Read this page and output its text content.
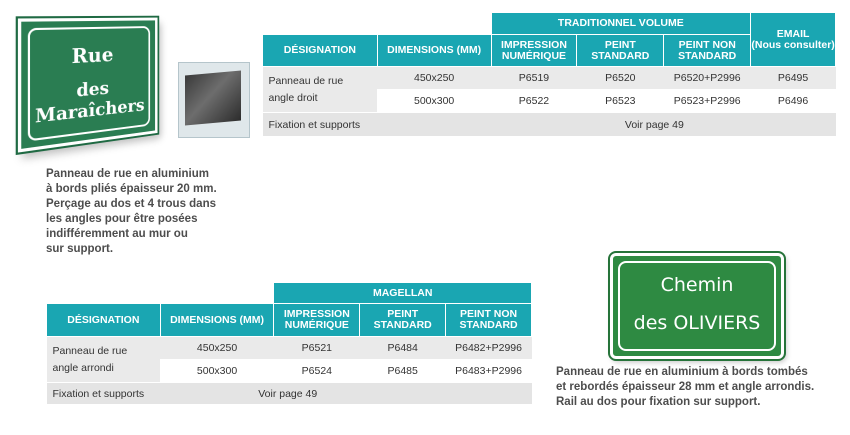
Rue
des Maraîchers
		TRADITIONNEL VOLUME			EMAIL
(Nous consulter)
DÉSIGNATION	DIMENSIONS (MM)	IMPRESSION NUMÉRIQUE	PEINT STANDARD	PEINT NON STANDARD	
Panneau de rue
angle droit	450x250	P6519	P6520	P6520+P2996	P6495
	500x300	P6522	P6523	P6523+P2996	P6496
Fixation et supports	Voir page 49				
Panneau de rue en aluminium
à bords pliés épaisseur 20 mm.
Perçage au dos et 4 trous dans
les angles pour être posées
indifféremment au mur ou
sur support.
		MAGELLAN		
DÉSIGNATION	DIMENSIONS (MM)	IMPRESSION NUMÉRIQUE	PEINT STANDARD	PEINT NON STANDARD
Panneau de rue
angle arrondi	450x250	P6521	P6484	P6482+P2996
	500x300	P6524	P6485	P6483+P2996
Fixation et supports	Voir page 49			
Chemin
des OLIVIERS
Panneau de rue en aluminium à bords tombés
et rebordés épaisseur 28 mm et angle arrondis.
Rail au dos pour fixation sur support.
